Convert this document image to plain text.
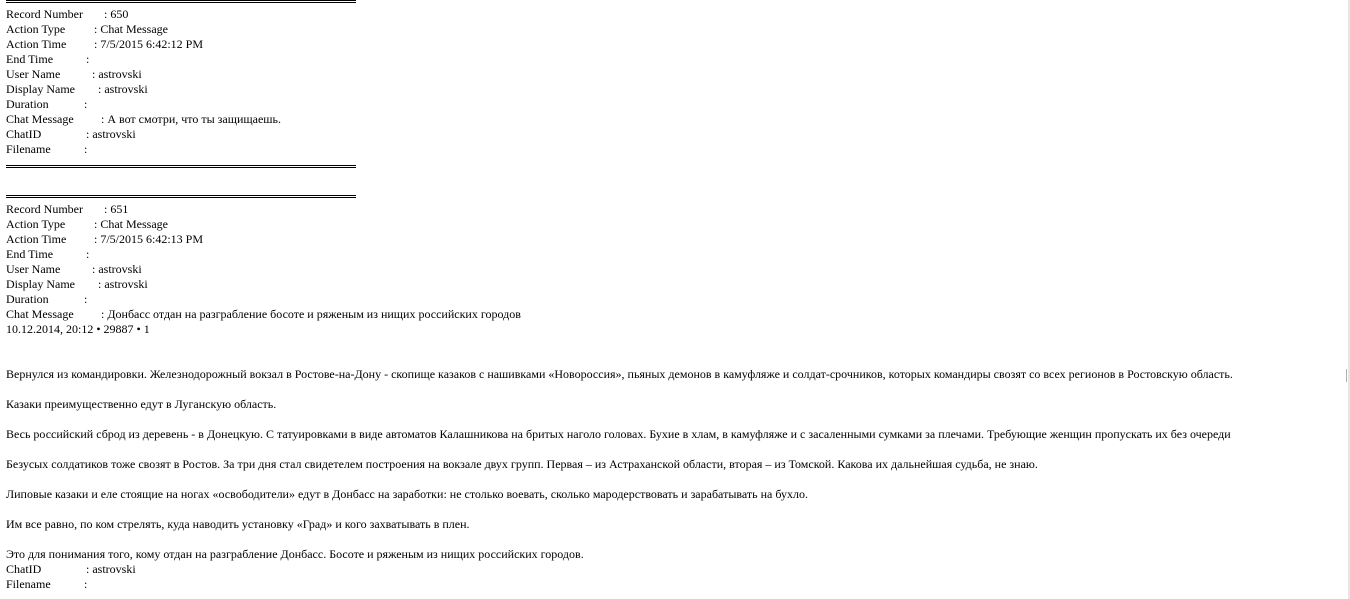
Record Number : 650
Action Type : Chat Message
Action Time : 7/5/2015 6:42:12 PM
End Time	:
User Name	: astrovski
Display Name : astrovski
Duration	:
Chat Message : А вот смотри, что ты защищаешь.
ChatID	: astrovski
Filename	:
Record Number : 651
Action Type : Chat Message
Action Time : 7/5/2015 6:42:13 PM
End Time	:
User Name	: astrovski
Display Name : astrovski
Duration	:
Chat Message : Донбасс отдан на разграбление босоте и ряженым из нищих российских городов
10.12.2014, 20:12 • 29887 • 1
Вернулся из командировки. Железнодорожный вокзал в Ростове-на-Дону - скопище казаков с нашивками «Новороссия», пьяных демонов в камуфляже и солдат-срочников, которых командиры свозят со всех регионов в Ростовскую область.
Казаки преимущественно едут в Луганскую область.
Весь российский сброд из деревень - в Донецкую. С татуировками в виде автоматов Калашникова на бритых наголо головах. Бухие в хлам, в камуфляже и с засаленными сумками за плечами. Требующие женщин пропускать их без очереди
Безусых солдатиков тоже свозят в Ростов. За три дня стал свидетелем построения на вокзале двух групп. Первая – из Астраханской области, вторая – из Томской. Какова их дальнейшая судьба, не знаю.
Липовые казаки и еле стоящие на ногах «освободители» едут в Донбасс на заработки: не столько воевать, сколько мародерствовать и зарабатывать на бухло.
Им все равно, по ком стрелять, куда наводить установку «Град» и кого захватывать в плен.
Это для понимания того, кому отдан на разграбление Донбасс. Босоте и ряженым из нищих российских городов.
ChatID	: astrovski
Filename	:
